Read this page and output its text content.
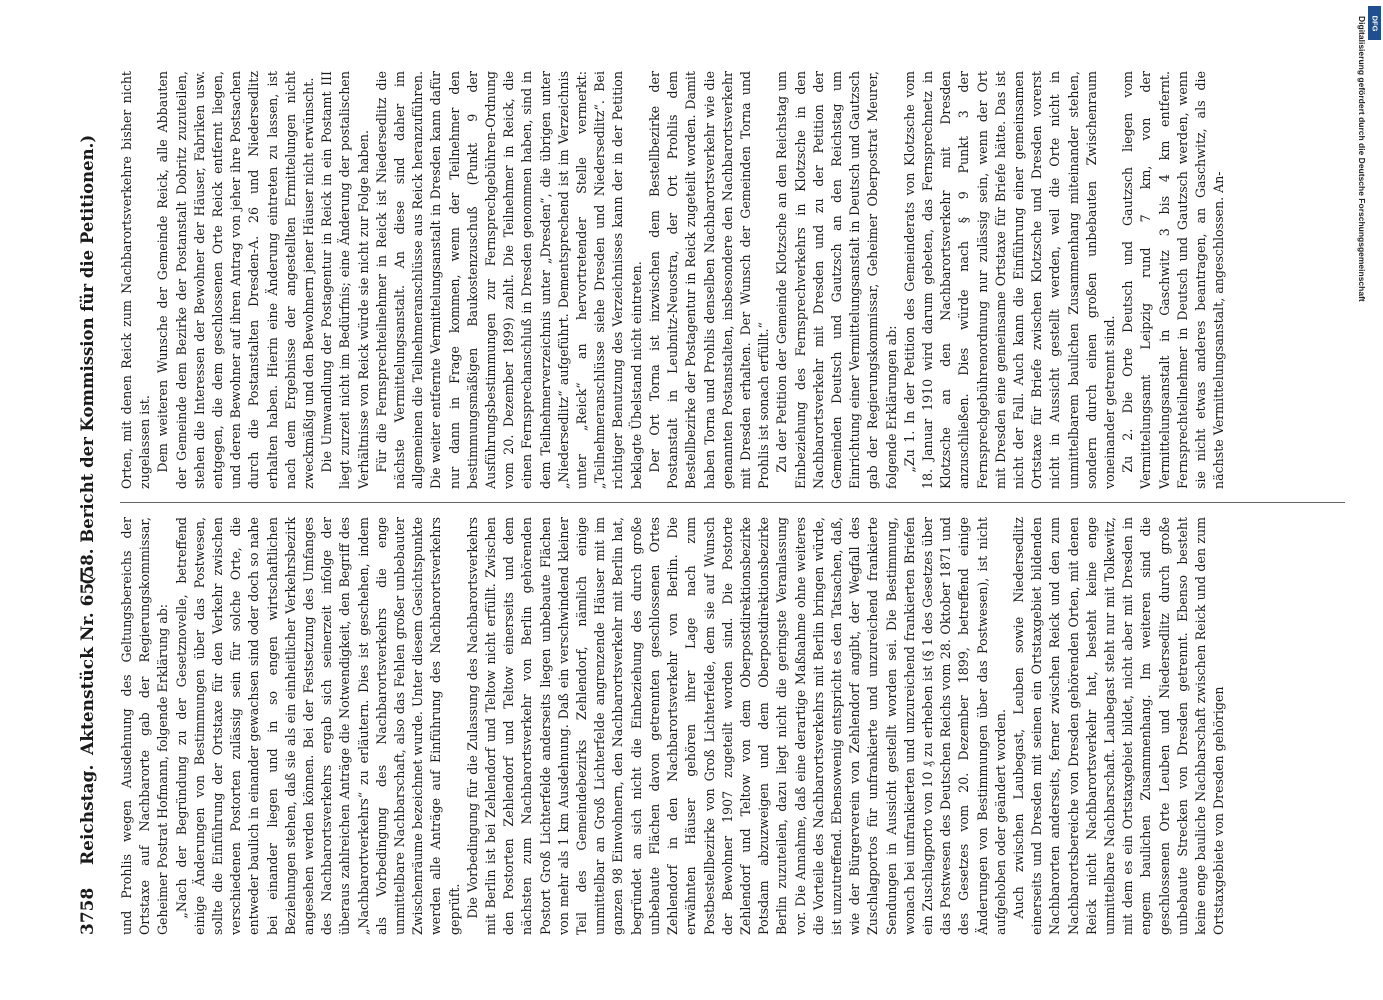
3758
Reichstag.
Aktenstück Nr. 657.
(58. Bericht der Kommission für die Petitionen.)

und Prohlis wegen Ausdehnung des Geltungsbereichs der Ortstaxe auf Nachbarorte gab der Regierungskommissar, Geheimer Postrat Hofmann, folgende Erklärung ab: „Nach der Begründung zu der Gesetznovelle, betreffend einige Änderungen von Bestimmungen über das Postwesen, sollte die Einführung der Ortstaxe für den Verkehr zwischen verschiedenen Postorten zulässig sein für solche Orte, die entweder baulich in einander gewachsen sind oder doch so nahe bei einander liegen und in so engen wirtschaftlichen Beziehungen stehen, daß sie als ein einheitlicher Verkehrsbezirk angesehen werden können. Bei der Festsetzung des Umfanges des Nachbarortsverkehrs ergab sich seinerzeit infolge der überaus zahlreichen Anträge die Notwendigkeit, den Begriff des „Nachbarortverkehrs“ zu erläutern. Dies ist geschehen, indem als Vorbedingung des Nachbarortsverkehrs die enge unmittelbare Nachbarschaft, also das Fehlen großer unbebauter Zwischenräume bezeichnet wurde. Unter diesem Gesichtspunkte werden alle Anträge auf Einführung des Nachbarortsverkehrs geprüft. Die Vorbedingung für die Zulassung des Nachbarortsverkehrs mit Berlin ist bei Zehlendorf und Teltow nicht erfüllt. Zwischen den Postorten Zehlendorf und Teltow einerseits und dem nächsten zum Nachbarortsverkehr von Berlin gehörenden Postort Groß Lichterfelde anderseits liegen unbebaute Flächen von mehr als 1 km Ausdehnung. Daß ein verschwindend kleiner Teil des Gemeindebezirks Zehlendorf, nämlich einige unmittelbar an Groß Lichterfelde angrenzende Häuser mit im ganzen 98 Einwohnern, den Nachbarortsverkehr mit Berlin hat, begründet an sich nicht die Einbeziehung des durch große unbebaute Flächen davon getrennten geschlossenen Ortes Zehlendorf in den Nachbarortsverkehr von Berlin. Die erwähnten Häuser gehören ihrer Lage nach zum Postbestellbezirke von Groß Lichterfelde, dem sie auf Wunsch der Bewohner 1907 zugeteilt worden sind. Die Postorte Zehlendorf und Teltow von dem Oberpostdirektionsbezirke Potsdam abzuzweigen und dem Oberpostdirektionsbezirke Berlin zuzuteilen, dazu liegt nicht die geringste Veranlassung vor. Die Annahme, daß eine derartige Maßnahme ohne weiteres die Vorteile des Nachbarortsverkehrs mit Berlin bringen würde, ist unzutreffend. Ebensowenig entspricht es den Tatsachen, daß, wie der Bürgerverein von Zehlendorf angibt, der Wegfall des Zuschlagportos für unfrankierte und unzureichend frankierte Sendungen in Aussicht gestellt worden sei. Die Bestimmung, wonach bei unfrankierten und unzureichend frankierten Briefen ein Zuschlagporto von 10 ₰ zu erheben ist (§ 1 des Gesetzes über das Postwesen des Deutschen Reichs vom 28. Oktober 1871 und des Gesetzes vom 20. Dezember 1899, betreffend einige Änderungen von Bestimmungen über das Postwesen), ist nicht aufgehoben oder geändert worden. Auch zwischen Laubegast, Leuben sowie Niedersedlitz einerseits und Dresden mit seinen ein Ortstaxgebiet bildenden Nachbarorten anderseits, ferner zwischen Reick und den zum Nachbarortsbereiche von Dresden gehörenden Orten, mit denen Reick nicht Nachbarortsverkehr hat, besteht keine enge unmittelbare Nachbarschaft. Laubegast steht nur mit Tolkewitz, mit dem es ein Ortstaxgebiet bildet, nicht aber mit Dresden in engem baulichen Zusammenhang. Im weiteren sind die geschlossenen Orte Leuben und Niedersedlitz durch große unbebaute Strecken von Dresden getrennt. Ebenso besteht keine enge bauliche Nachbarschaft zwischen Reick und den zum Ortstaxgebiete von Dresden gehörigen

Orten, mit denen Reick zum Nachbarortsverkehre bisher nicht zugelassen ist. Dem weiteren Wunsche der Gemeinde Reick, alle Abbauten der Gemeinde dem Bezirke der Postanstalt Dobritz zuzuteilen, stehen die Interessen der Bewohner der Häuser, Fabriken usw. entgegen, die dem geschlossenen Orte Reick entfernt liegen, und deren Bewohner auf ihren Antrag von jeher ihre Postsachen durch die Postanstalten Dresden-A. 26 und Niedersedlitz erhalten haben. Hierin eine Änderung eintreten zu lassen, ist nach dem Ergebnisse der angestellten Ermittelungen nicht zweckmäßig und den Bewohnern jener Häuser nicht erwünscht. Die Umwandlung der Postagentur in Reick in ein Postamt III liegt zurzeit nicht im Bedürfnis; eine Änderung der postalischen Verhältnisse von Reick würde sie nicht zur Folge haben. Für die Fernsprechteilnehmer in Reick ist Niedersedlitz die nächste Vermittelungsanstalt. An diese sind daher im allgemeinen die Teilnehmeranschlüsse aus Reick heranzuführen. Die weiter entfernte Vermittelungsanstalt in Dresden kann dafür nur dann in Frage kommen, wenn der Teilnehmer den bestimmungsmäßigen Baukostenzuschuß (Punkt 9 der Ausführungsbestimmungen zur Fernsprechgebühren-Ordnung vom 20. Dezember 1899) zahlt. Die Teilnehmer in Reick, die einen Fernsprechanschluß in Dresden genommen haben, sind in dem Teilnehmerverzeichnis unter „Dresden“, die übrigen unter „Niedersedlitz“ aufgeführt. Dementsprechend ist im Verzeichnis unter „Reick“ an hervortretender Stelle vermerkt: „Teilnehmeranschlüsse siehe Dresden und Niedersedlitz“. Bei richtiger Benutzung des Verzeichnisses kann der in der Petition beklagte Übelstand nicht eintreten. Der Ort Torna ist inzwischen dem Bestellbezirke der Postanstalt in Leubnitz-Neuostra, der Ort Prohlis dem Bestellbezirke der Postagentur in Reick zugeteilt worden. Damit haben Torna und Prohlis denselben Nachbarortsverkehr wie die genannten Postanstalten, insbesondere den Nachbarortsverkehr mit Dresden erhalten. Der Wunsch der Gemeinden Torna und Prohlis ist sonach erfüllt.“ Zu der Petition der Gemeinde Klotzsche an den Reichstag um Einbeziehung des Fernsprechverkehrs in Klotzsche in den Nachbarortsverkehr mit Dresden und zu der Petition der Gemeinden Deutsch und Gautzsch an den Reichstag um Einrichtung einer Vermittelungsanstalt in Deutsch und Gautzsch gab der Regierungskommissar, Geheimer Oberpostrat Meurer, folgende Erklärungen ab: „Zu 1. In der Petition des Gemeinderats von Klotzsche vom 18. Januar 1910 wird darum gebeten, das Fernsprechnetz in Klotzsche an den Nachbarortsverkehr mit Dresden anzuschließen. Dies würde nach § 9 Punkt 3 der Fernsprechgebührenordnung nur zulässig sein, wenn der Ort mit Dresden eine gemeinsame Ortstaxe für Briefe hätte. Das ist nicht der Fall. Auch kann die Einführung einer gemeinsamen Ortstaxe für Briefe zwischen Klotzsche und Dresden vorerst nicht in Aussicht gestellt werden, weil die Orte nicht in unmittelbarem baulichen Zusammenhang miteinander stehen, sondern durch einen großen unbebauten Zwischenraum voneinander getrennt sind. Zu 2. Die Orte Deutsch und Gautzsch liegen vom Vermittelungsamt Leipzig rund 7 km, von der Vermittelungsanstalt in Gaschwitz 3 bis 4 km entfernt. Fernsprechteilnehmer in Deutsch und Gautzsch werden, wenn sie nicht etwas anderes beantragen, an Gaschwitz, als die nächste Vermittelungsanstalt, angeschlossen. An-

DFG
Digitalisierung gefördert durch die Deutsche Forschungsgemeinschaft
